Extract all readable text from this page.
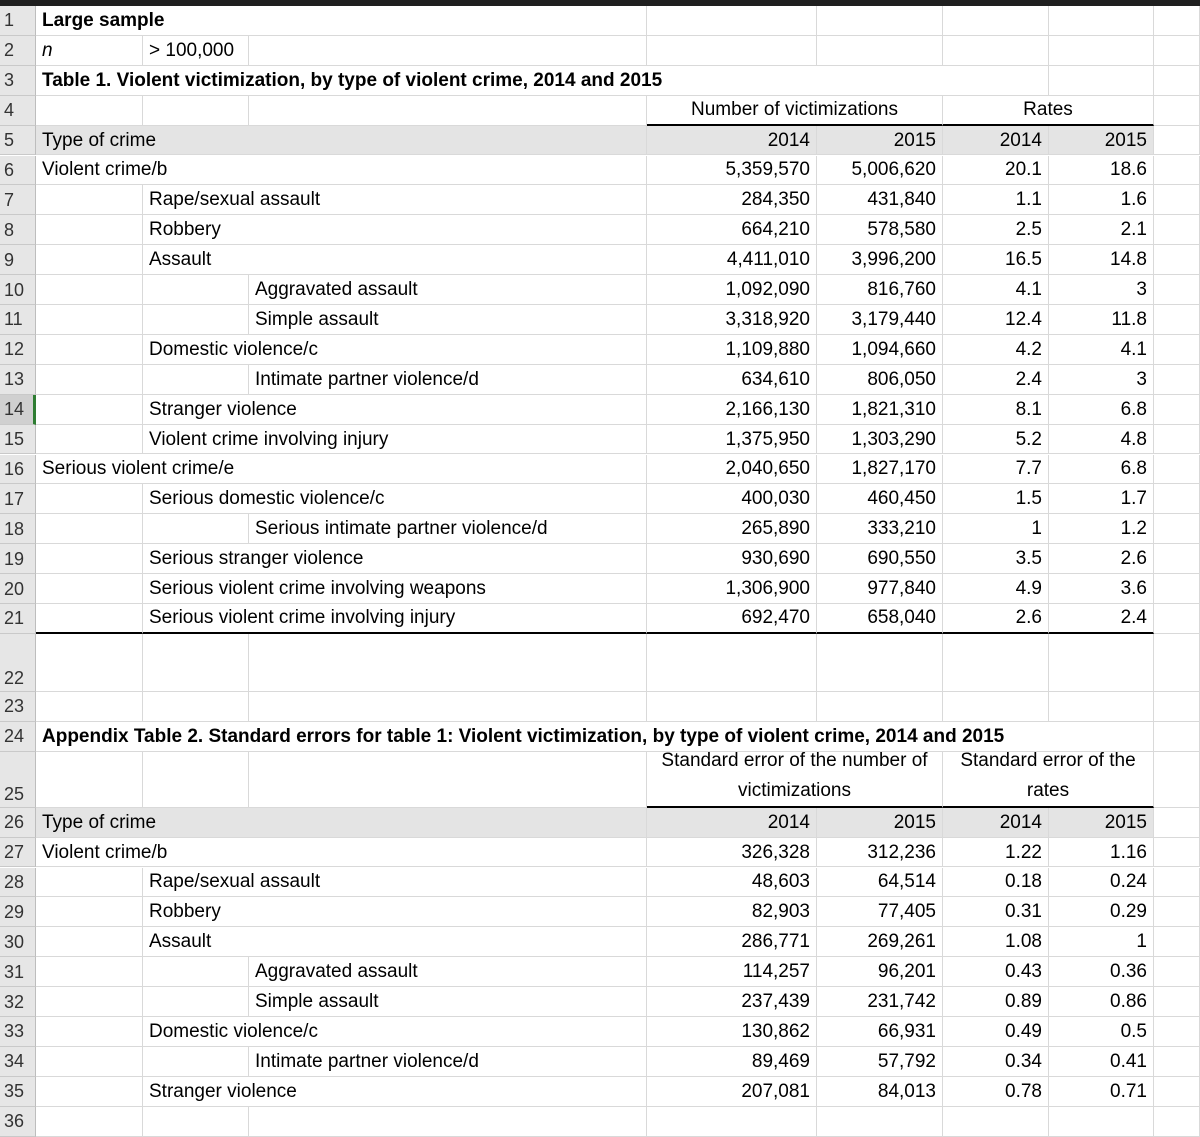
1
2
3
4
5
6
7
8
9
10
11
12
13
14
15
16
17
18
19
20
21
22
23
24
25
26
27
28
29
30
31
32
33
34
35
36
Large sample
n	> 100,000
Table 1. Violent victimization, by type of violent crime, 2014 and 2015
Number of victimizations	Rates
Type of crime	2014	2015	2014	2015
Violent crime/b	5,359,570	5,006,620	20.1	18.6
Rape/sexual assault	284,350	431,840	1.1	1.6
Robbery	664,210	578,580	2.5	2.1
Assault	4,411,010	3,996,200	16.5	14.8
Aggravated assault	1,092,090	816,760	4.1	3
Simple assault	3,318,920	3,179,440	12.4	11.8
Domestic violence/c	1,109,880	1,094,660	4.2	4.1
Intimate partner violence/d	634,610	806,050	2.4	3
Stranger violence	2,166,130	1,821,310	8.1	6.8
Violent crime involving injury	1,375,950	1,303,290	5.2	4.8
Serious violent crime/e	2,040,650	1,827,170	7.7	6.8
Serious domestic violence/c	400,030	460,450	1.5	1.7
Serious intimate partner violence/d	265,890	333,210	1	1.2
Serious stranger violence	930,690	690,550	3.5	2.6
Serious violent crime involving weapons	1,306,900	977,840	4.9	3.6
Serious violent crime involving injury	692,470	658,040	2.6	2.4
Appendix Table 2. Standard errors for table 1: Violent victimization, by type of violent crime, 2014 and 2015
Standard error of the number of victimizations
Standard error of the rates
Type of crime	2014	2015	2014	2015
Violent crime/b	326,328	312,236	1.22	1.16
Rape/sexual assault	48,603	64,514	0.18	0.24
Robbery	82,903	77,405	0.31	0.29
Assault	286,771	269,261	1.08	1
Aggravated assault	114,257	96,201	0.43	0.36
Simple assault	237,439	231,742	0.89	0.86
Domestic violence/c	130,862	66,931	0.49	0.5
Intimate partner violence/d	89,469	57,792	0.34	0.41
Stranger violence	207,081	84,013	0.78	0.71
